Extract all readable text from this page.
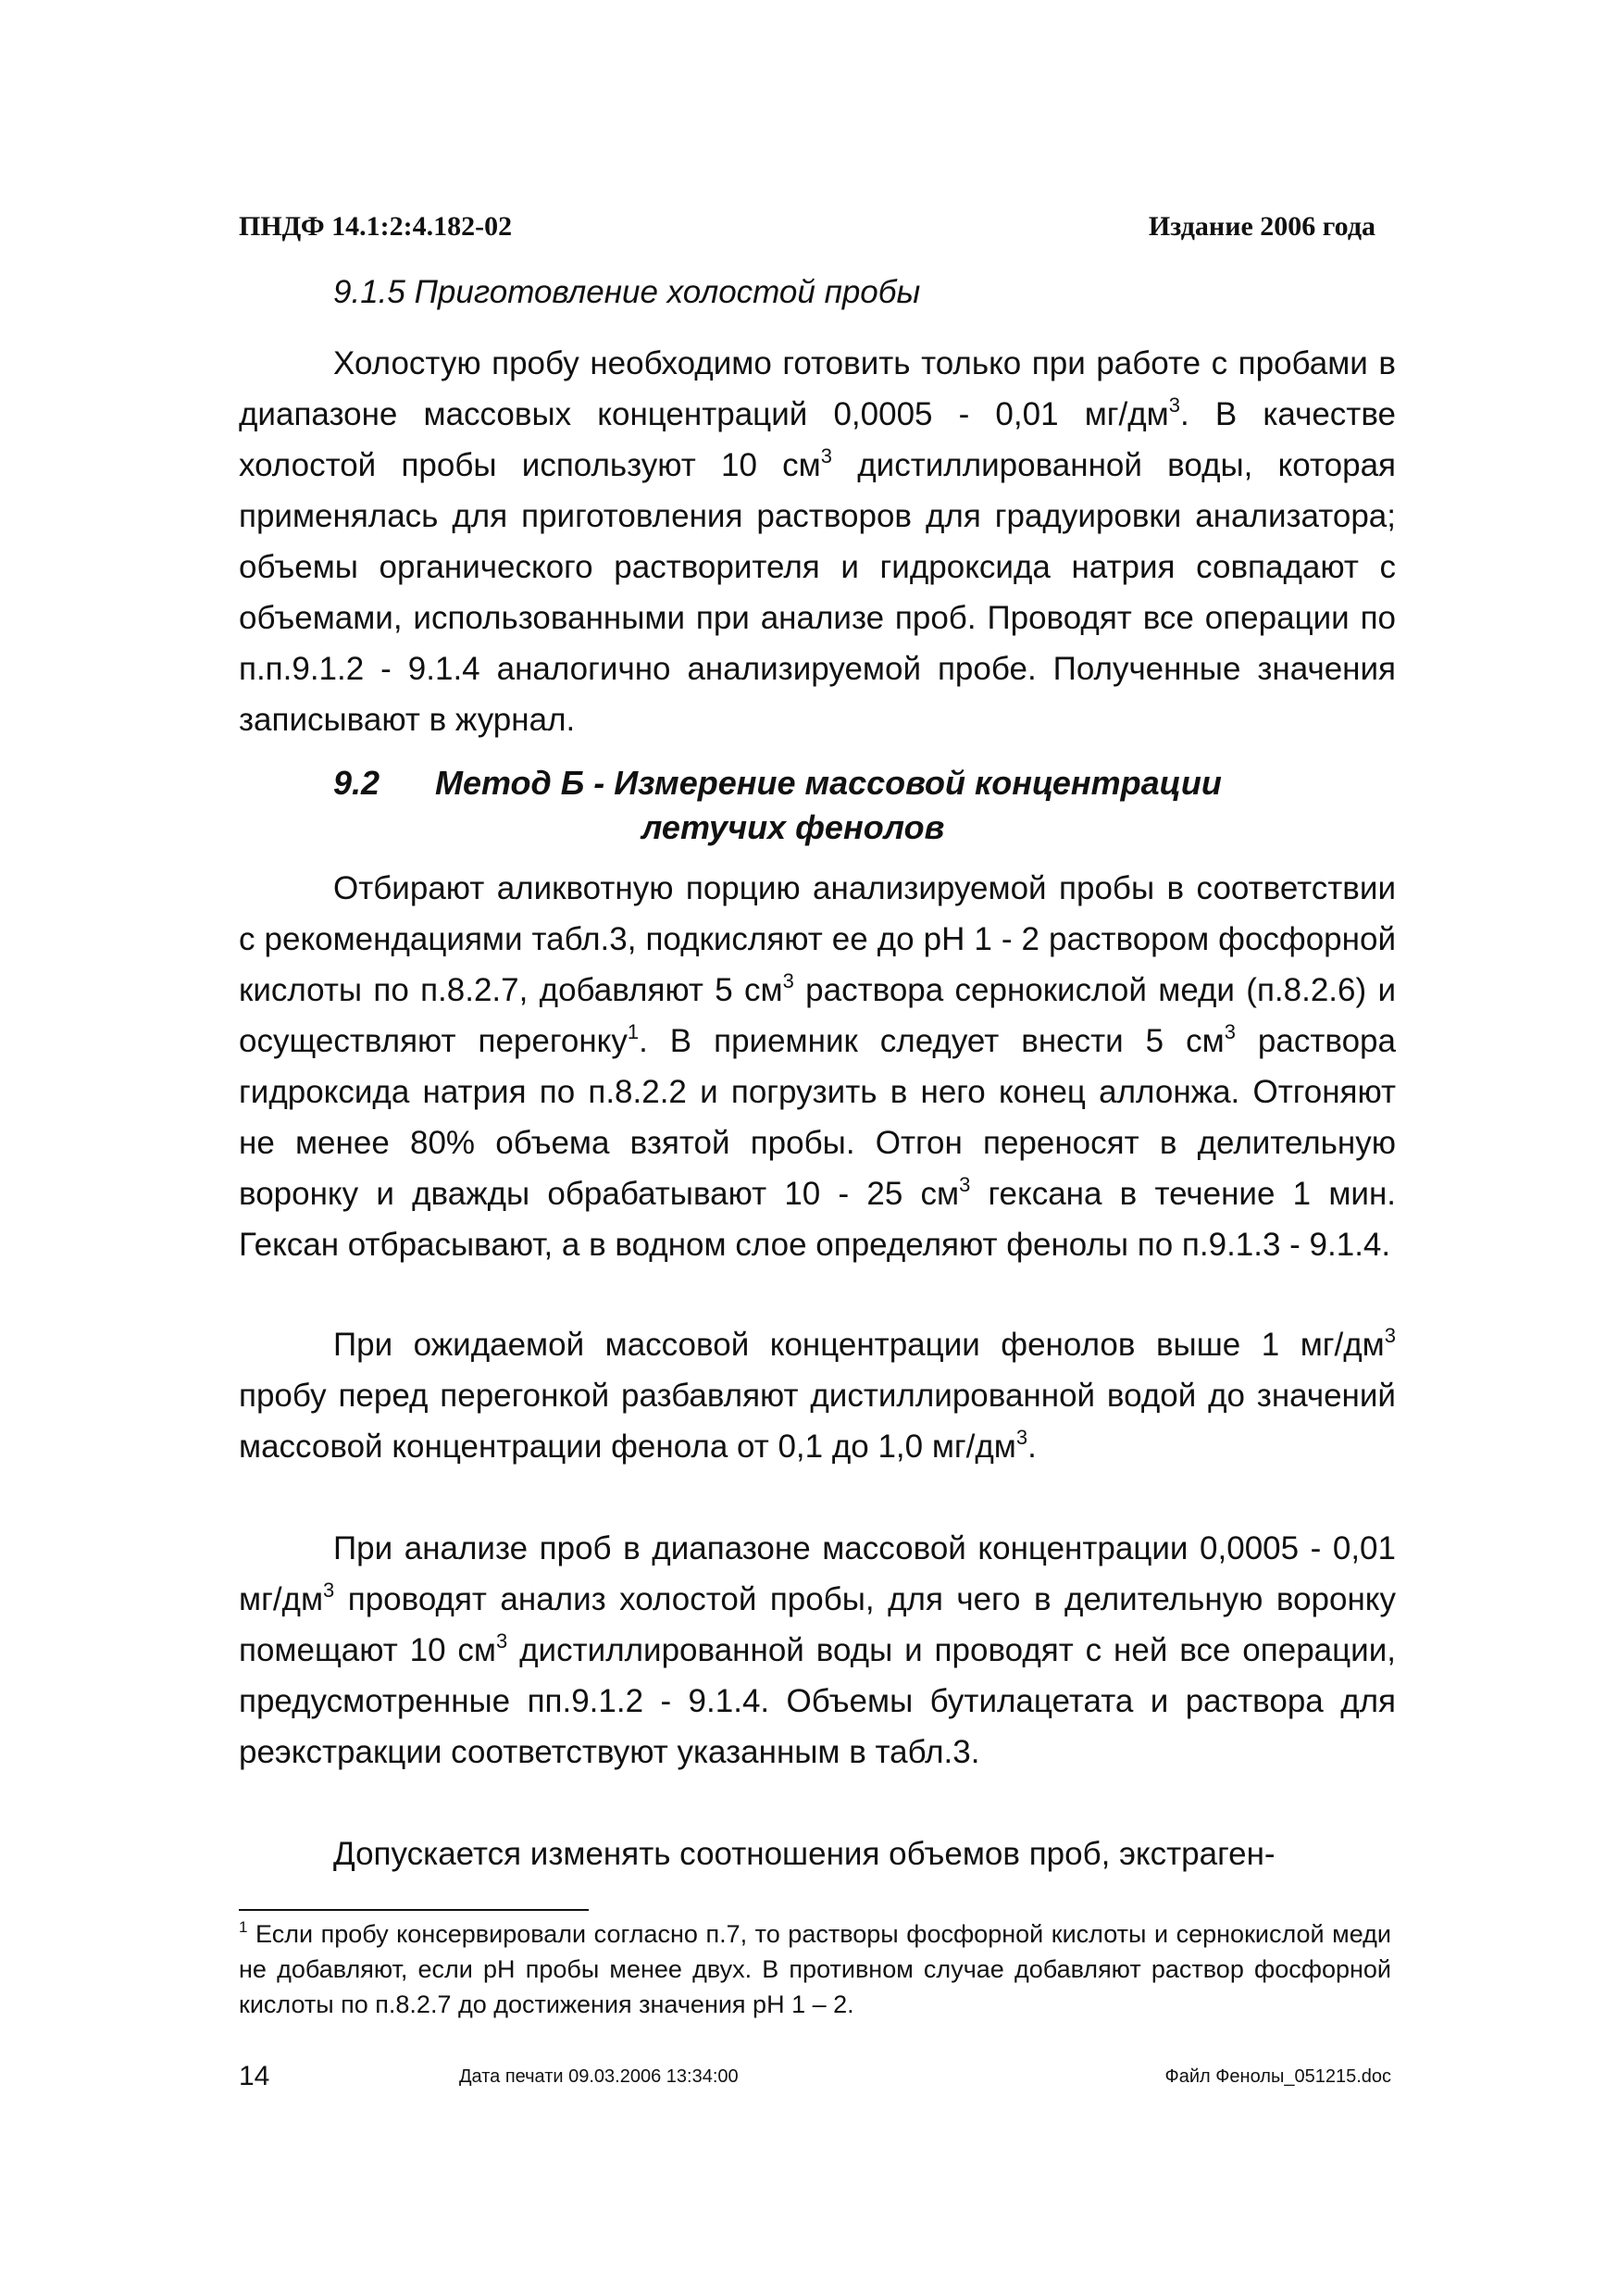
ПНДФ 14.1:2:4.182-02	Издание 2006 года
9.1.5 Приготовление холостой пробы

Холостую пробу необходимо готовить только при работе с пробами в диапазоне массовых концентраций 0,0005 - 0,01 $мг/дм^3$. В качестве холостой пробы используют 10 $см^3$ дистиллированной воды, которая применялась для приготовления растворов для градуировки анализатора; объемы органического растворителя и гидроксида натрия совпадают с объемами, использованными при анализе проб. Проводят все операции по п.п.9.1.2 - 9.1.4 аналогично анализируемой пробе. Полученные значения записывают в журнал.

9.2 Метод Б - Измерение массовой концентрации
летучих фенолов

Отбирают аликвотную порцию анализируемой пробы в соответствии с рекомендациями табл.3, подкисляют ее до рН 1 - 2 раствором фосфорной кислоты по п.8.2.7, добавляют 5 $см^3$ раствора сернокислой меди (п.8.2.6) и осуществляют перегонку$^1$. В приемник следует внести 5 $см^3$ раствора гидроксида натрия по п.8.2.2 и погрузить в него конец аллонжа. Отгоняют не менее 80% объема взятой пробы. Отгон переносят в делительную воронку и дважды обрабатывают 10 - 25 $см^3$ гексана в течение 1 мин. Гексан отбрасывают, а в водном слое определяют фенолы по п.9.1.3 - 9.1.4.

При ожидаемой массовой концентрации фенолов выше 1 $мг/дм^3$ пробу перед перегонкой разбавляют дистиллированной водой до значений массовой концентрации фенола от 0,1 до 1,0 $мг/дм^3$.

При анализе проб в диапазоне массовой концентрации 0,0005 - 0,01 $мг/дм^3$ проводят анализ холостой пробы, для чего в делительную воронку помещают 10 $см^3$ дистиллированной воды и проводят с ней все операции, предусмотренные пп.9.1.2 - 9.1.4. Объемы бутилацетата и раствора для реэкстракции соответствуют указанным в табл.3.

Допускается изменять соотношения объемов проб, экстраген-

$^1$ Если пробу консервировали согласно п.7, то растворы фосфорной кислоты и сернокислой меди не добавляют, если рН пробы менее двух. В противном случае добавляют раствор фосфорной кислоты по п.8.2.7 до достижения значения рН 1 – 2.
14	Дата печати 09.03.2006 13:34:00	Файл Фенолы_051215.doc
